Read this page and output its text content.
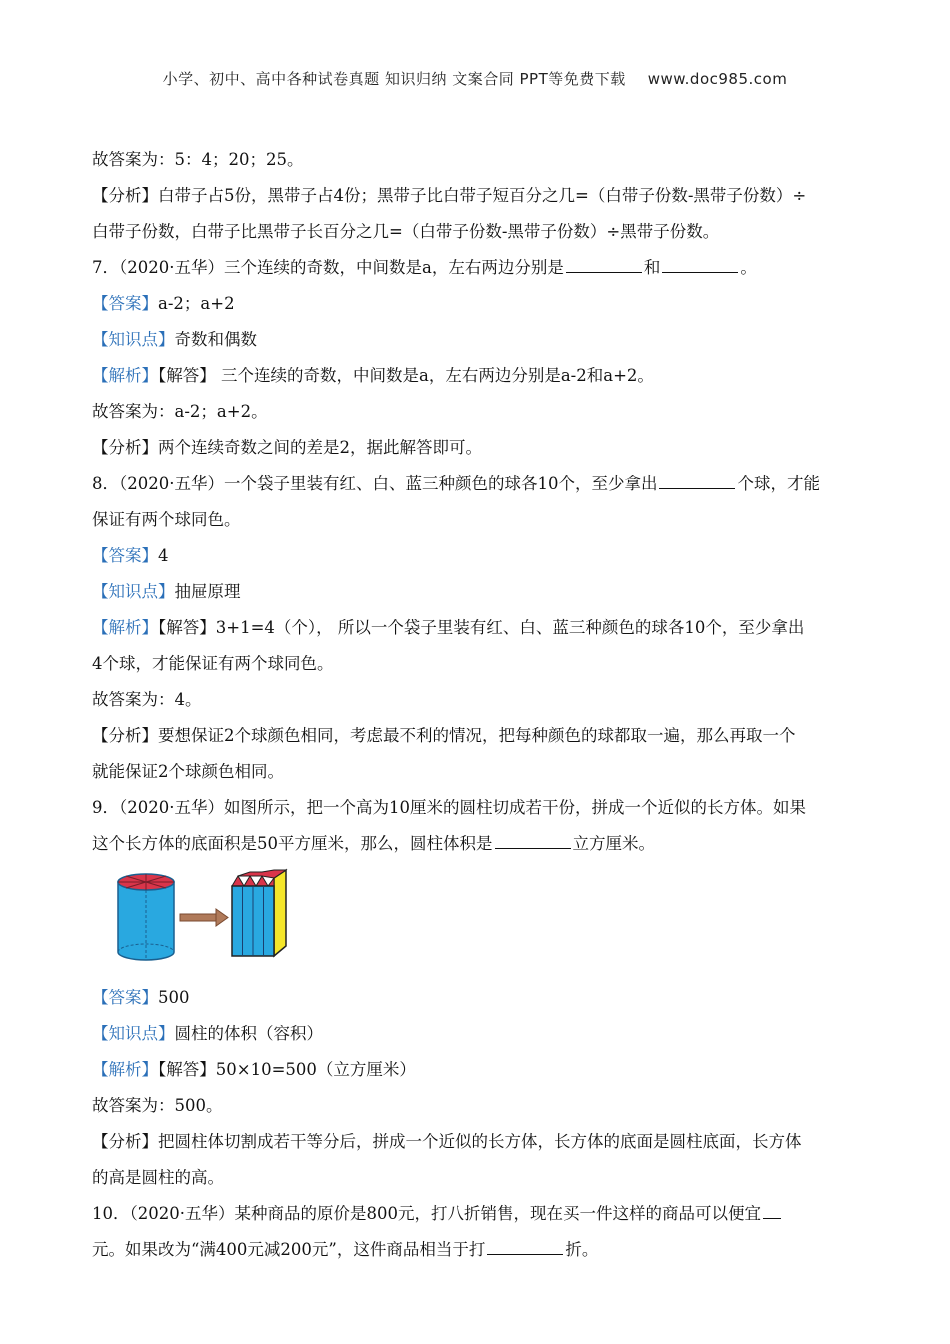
小学、初中、高中各种试卷真题 知识归纳 文案合同 PPT等免费下载 www.doc985.com

故答案为：5：4；20；25。

【分析】白带子占5份，黑带子占4份；黑带子比白带子短百分之几=（白带子份数-黑带子份数）÷

白带子份数，白带子比黑带子长百分之几=（白带子份数-黑带子份数）÷黑带子份数。

7．（2020·五华）三个连续的奇数，中间数是a，左右两边分别是	和	。

【答案】a-2；a+2

【知识点】奇数和偶数

【解析】【解答】 三个连续的奇数，中间数是a，左右两边分别是a-2和a+2。

故答案为：a-2；a+2。

【分析】两个连续奇数之间的差是2，据此解答即可。

8．（2020·五华）一个袋子里装有红、白、蓝三种颜色的球各10个，至少拿出	个球，才能

保证有两个球同色。

【答案】4

【知识点】抽屉原理

【解析】【解答】3+1=4（个）， 所以一个袋子里装有红、白、蓝三种颜色的球各10个，至少拿出

4个球，才能保证有两个球同色。

故答案为：4。

【分析】要想保证2个球颜色相同，考虑最不利的情况，把每种颜色的球都取一遍，那么再取一个

就能保证2个球颜色相同。

9．（2020·五华）如图所示，把一个高为10厘米的圆柱切成若干份，拼成一个近似的长方体。如果

这个长方体的底面积是50平方厘米，那么，圆柱体积是	立方厘米。

【答案】500

【知识点】圆柱的体积（容积）

【解析】【解答】50×10=500（立方厘米）

故答案为：500。

【分析】把圆柱体切割成若干等分后，拼成一个近似的长方体，长方体的底面是圆柱底面，长方体

的高是圆柱的高。

10．（2020·五华）某种商品的原价是800元，打八折销售，现在买一件这样的商品可以便宜

元。如果改为“满400元减200元”，这件商品相当于打	折。
